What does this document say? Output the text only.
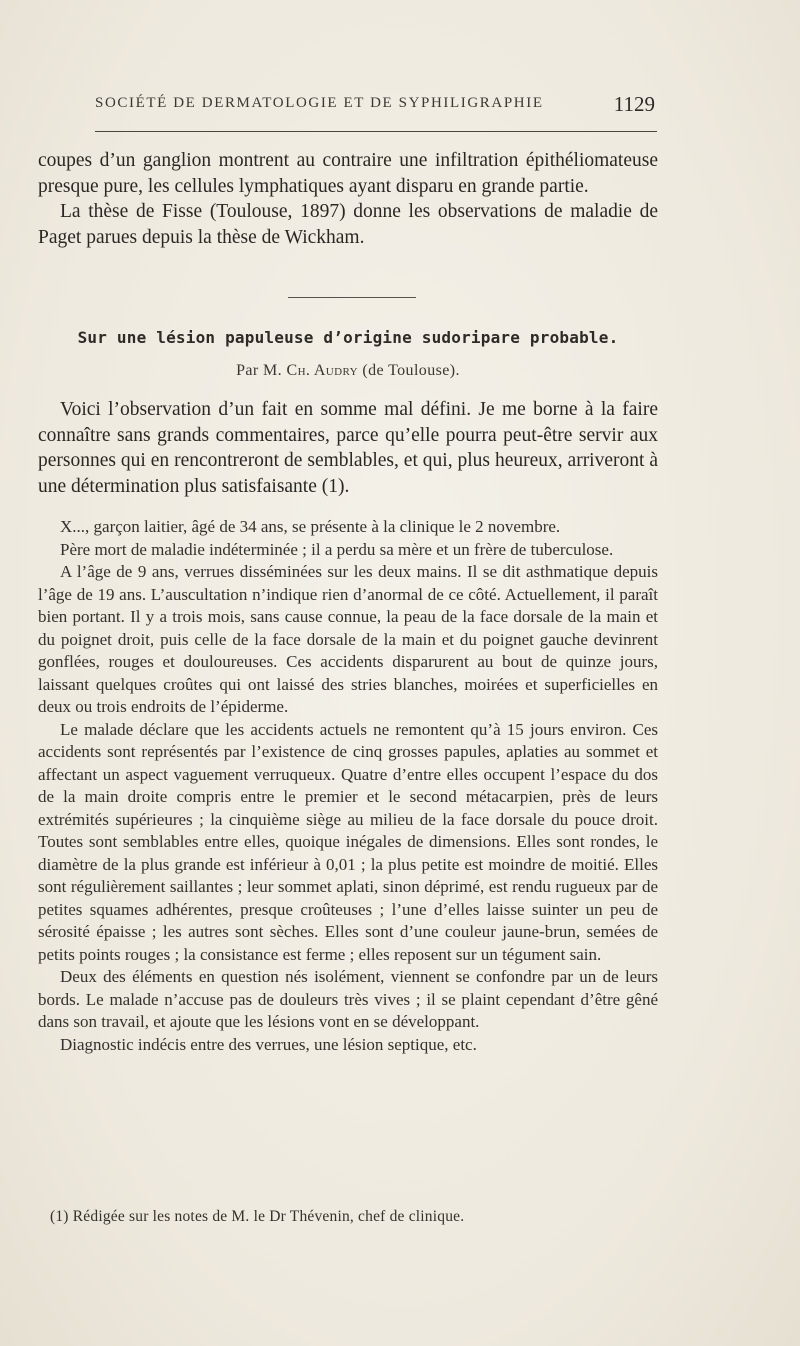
SOCIÉTÉ DE DERMATOLOGIE ET DE SYPHILIGRAPHIE	1129

coupes d’un ganglion montrent au contraire une infiltration épithéliomateuse presque pure, les cellules lymphatiques ayant disparu en grande partie.

La thèse de Fisse (Toulouse, 1897) donne les observations de maladie de Paget parues depuis la thèse de Wickham.

Sur une lésion papuleuse d’origine sudoripare probable.
Par M. Ch. Audry (de Toulouse).

Voici l’observation d’un fait en somme mal défini. Je me borne à la faire connaître sans grands commentaires, parce qu’elle pourra peut-être servir aux personnes qui en rencontreront de semblables, et qui, plus heureux, arriveront à une détermination plus satisfaisante (1).

X..., garçon laitier, âgé de 34 ans, se présente à la clinique le 2 novembre.

Père mort de maladie indéterminée ; il a perdu sa mère et un frère de tuberculose.

A l’âge de 9 ans, verrues disséminées sur les deux mains. Il se dit asthmatique depuis l’âge de 19 ans. L’auscultation n’indique rien d’anormal de ce côté. Actuellement, il paraît bien portant. Il y a trois mois, sans cause connue, la peau de la face dorsale de la main et du poignet droit, puis celle de la face dorsale de la main et du poignet gauche devinrent gonflées, rouges et douloureuses. Ces accidents disparurent au bout de quinze jours, laissant quelques croûtes qui ont laissé des stries blanches, moirées et superficielles en deux ou trois endroits de l’épiderme.

Le malade déclare que les accidents actuels ne remontent qu’à 15 jours environ. Ces accidents sont représentés par l’existence de cinq grosses papules, aplaties au sommet et affectant un aspect vaguement verruqueux. Quatre d’entre elles occupent l’espace du dos de la main droite compris entre le premier et le second métacarpien, près de leurs extrémités supérieures ; la cinquième siège au milieu de la face dorsale du pouce droit. Toutes sont semblables entre elles, quoique inégales de dimensions. Elles sont rondes, le diamètre de la plus grande est inférieur à 0,01 ; la plus petite est moindre de moitié. Elles sont régulièrement saillantes ; leur sommet aplati, sinon déprimé, est rendu rugueux par de petites squames adhérentes, presque croûteuses ; l’une d’elles laisse suinter un peu de sérosité épaisse ; les autres sont sèches. Elles sont d’une couleur jaune-brun, semées de petits points rouges ; la consistance est ferme ; elles reposent sur un tégument sain.

Deux des éléments en question nés isolément, viennent se confondre par un de leurs bords. Le malade n’accuse pas de douleurs très vives ; il se plaint cependant d’être gêné dans son travail, et ajoute que les lésions vont en se développant.

Diagnostic indécis entre des verrues, une lésion septique, etc.

(1) Rédigée sur les notes de M. le Dr Thévenin, chef de clinique.
